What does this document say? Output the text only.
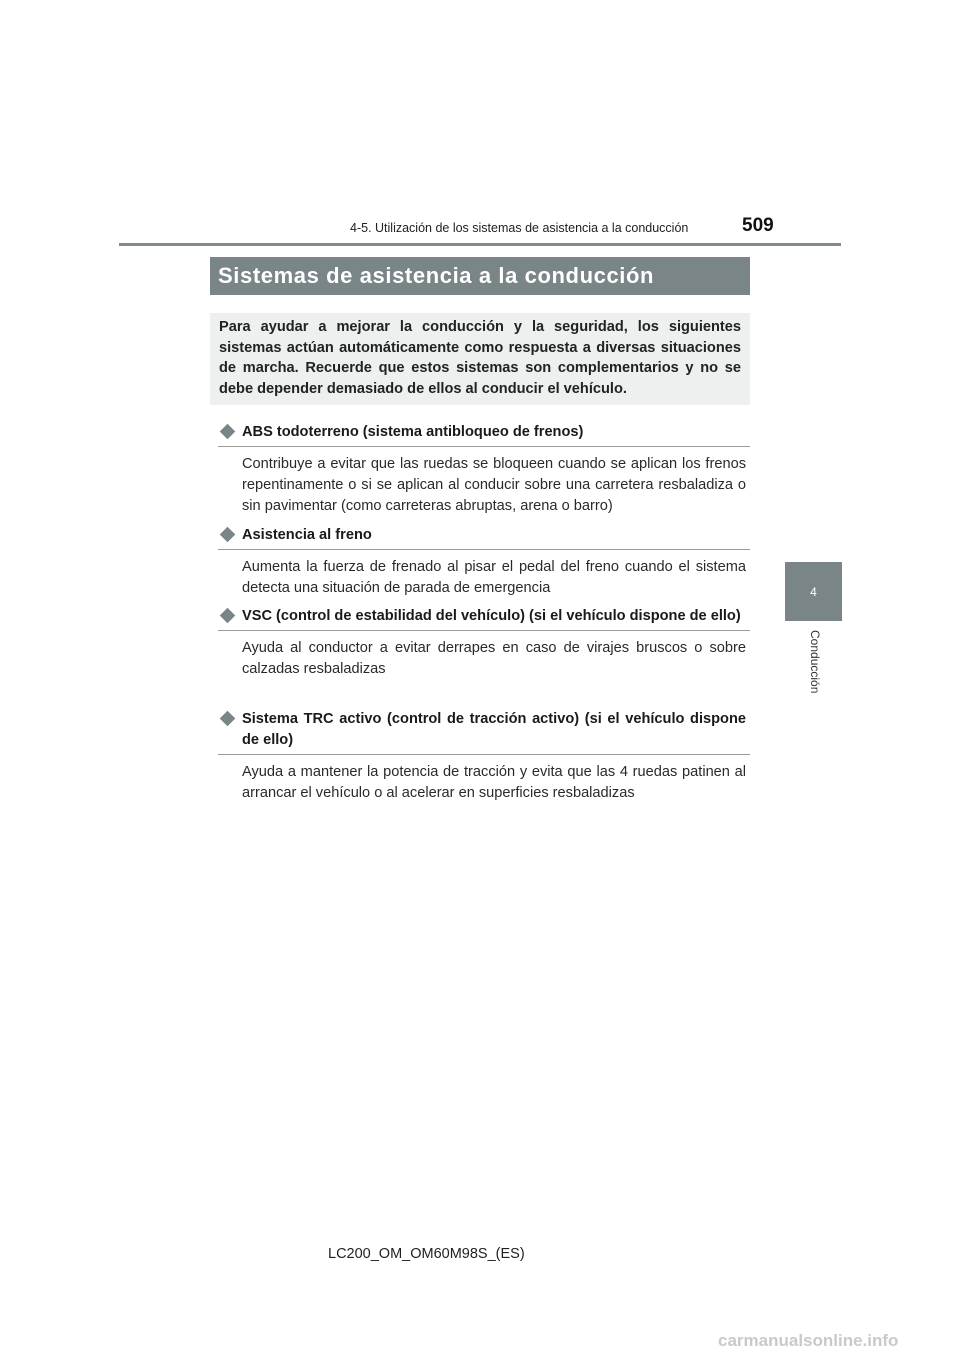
4-5. Utilización de los sistemas de asistencia a la conducción	509
Sistemas de asistencia a la conducción
Para ayudar a mejorar la conducción y la seguridad, los siguientes sistemas actúan automáticamente como respuesta a diversas situaciones de marcha. Recuerde que estos sistemas son complementarios y no se debe depender demasiado de ellos al conducir el vehículo.
ABS todoterreno (sistema antibloqueo de frenos)
Contribuye a evitar que las ruedas se bloqueen cuando se aplican los frenos repentinamente o si se aplican al conducir sobre una carretera resbaladiza o sin pavimentar (como carreteras abruptas, arena o barro)
Asistencia al freno
Aumenta la fuerza de frenado al pisar el pedal del freno cuando el sistema detecta una situación de parada de emergencia
VSC (control de estabilidad del vehículo) (si el vehículo dispone de ello)
Ayuda al conductor a evitar derrapes en caso de virajes bruscos o sobre calzadas resbaladizas
Sistema TRC activo (control de tracción activo) (si el vehículo dispone de ello)
Ayuda a mantener la potencia de tracción y evita que las 4 ruedas patinen al arrancar el vehículo o al acelerar en superficies resbaladizas
4
Conducción
LC200_OM_OM60M98S_(ES)
carmanualsonline.info
